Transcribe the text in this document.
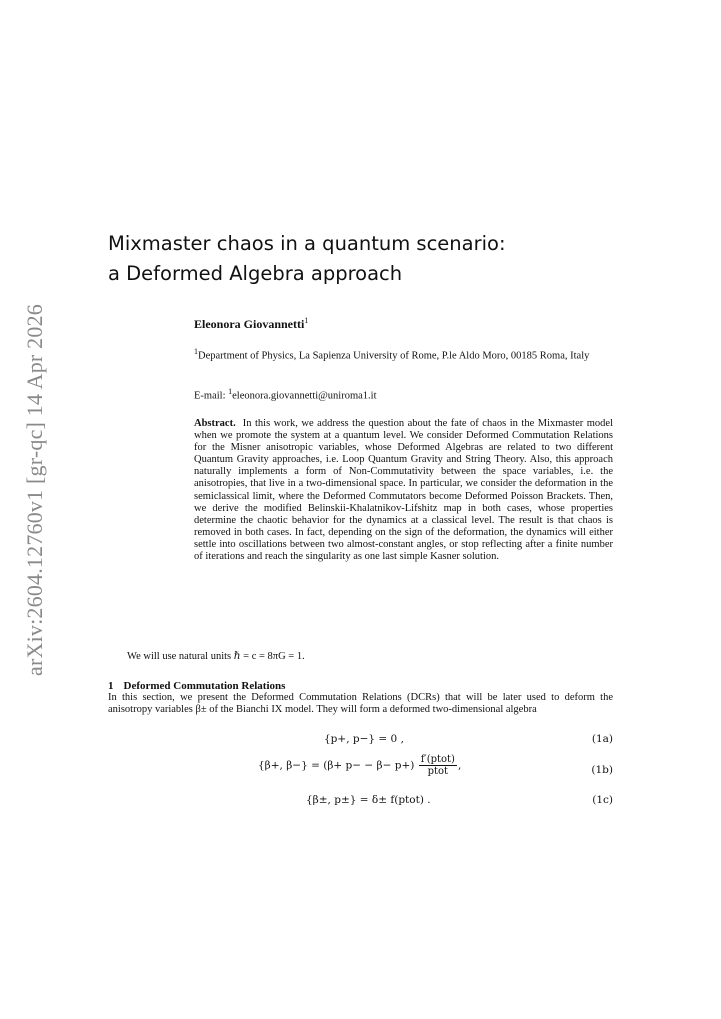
arXiv:2604.12760v1 [gr-qc] 14 Apr 2026
Mixmaster chaos in a quantum scenario:
a Deformed Algebra approach
Eleonora Giovannetti$^1$
$^1$Department of Physics, La Sapienza University of Rome, P.le Aldo Moro, 00185 Roma, Italy
E-mail: $^1$eleonora.giovannetti@uniroma1.it
Abstract. In this work, we address the question about the fate of chaos in the Mixmaster model when we promote the system at a quantum level. We consider Deformed Commutation Relations for the Misner anisotropic variables, whose Deformed Algebras are related to two different Quantum Gravity approaches, i.e. Loop Quantum Gravity and String Theory. Also, this approach naturally implements a form of Non-Commutativity between the space variables, i.e. the anisotropies, that live in a two-dimensional space. In particular, we consider the deformation in the semiclassical limit, where the Deformed Commutators become Deformed Poisson Brackets. Then, we derive the modified Belinskii-Khalatnikov-Lifshitz map in both cases, whose properties determine the chaotic behavior for the dynamics at a classical level. The result is that chaos is removed in both cases. In fact, depending on the sign of the deformation, the dynamics will either settle into oscillations between two almost-constant angles, or stop reflecting after a finite number of iterations and reach the singularity as one last simple Kasner solution.
We will use natural units ℏ = c = 8πG = 1.
1 Deformed Commutation Relations
In this section, we present the Deformed Commutation Relations (DCRs) that will be later used to deform the anisotropy variables β± of the Bianchi IX model. They will form a deformed two-dimensional algebra
{p+, p−} = 0 ,	(1a)
{β+, $\beta-\} = (\beta+ p- - \beta- p+) \frac{\text{f′(ptot)}}{\text{ptot}}$ ,	(1b)
{β±, p±} = δ± f(ptot) .	(1c)
